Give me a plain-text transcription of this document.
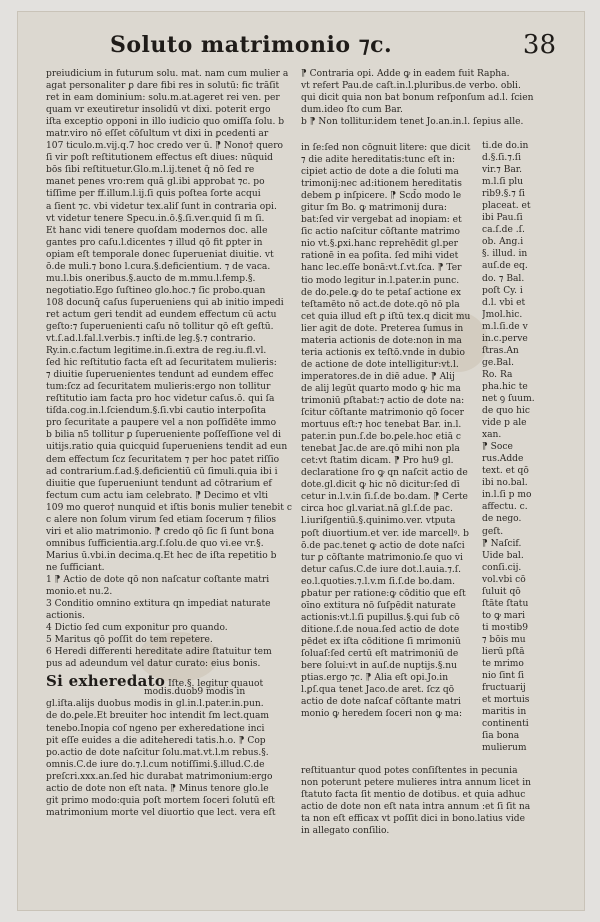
Soluto matrimonio ⁊c.	38

preiudicium in futurum solu. mat. nam cum mulier a

agat personaliter ꝑ dare fibi res in solutū: fic trāſit

ret in eam dominium: solu.m.at.ageret rei ven. per

quam vr exeutiretur insolidū vt dixi. poterit ergo

iſta exceptio opponi in illo iudicio quo omiſſa ſolu. b

matr.viro nō eſſet cōſultum vt dixi in ꝑcedenti ar

107 ticulo.m.vij.q.7 hoc credo ver ū. ⁋ Nono† quero

ſi vir poſt reſtitutionem effectus eſt diues: nūquid

bōs ſibi reſtituetur.Glo.m.l.ij.tenet q̄ nō ſed re

manet penes vro:rem quā gl.ibi approbat ⁊c. po

tiſſime per ff.illum.l.ij.ſi quis poſtea ſorte acqui

a ſient ⁊c. vbi videtur tex.aliſ ſunt in contraria opi.

vt videtur tenere Specu.in.ō.§.ſi.ver.quid ſi m ſi.

Et hanc vidi tenere quoſdam modernos doc. alle

gantes pro caſu.l.dicentes ⁊ illud qō fit ꝑpter in

opiam eſt temporale donec ſuperueniat diuitie. vt

ō.de muli.⁊ bono l.cura.§.deficientium. ⁊ de vaca.

mu.l.bis oneribus.§.aucto de m.mmu.l.femp.§.

negotiatio.Ego ſuſtineo glo.hoc.⁊ ſic probo.quan

108 docunq̄ caſus ſuperueniens qui ab initio impedi

ret actum geri tendit ad eundem effectum cū actu

geſto:⁊ ſuperuenienti caſu nō tollitur qō eſt geſtū.

vt.ſ.ad.l.fal.l.verbis.⁊ inſti.de leg.§.⁊ contrario.

Ry.in.c.factum legitime.in.ſi.extra de reg.iu.fl.vl.

ſed hic reſtitutio facta eſt ad ſecuritatem mulieris:

⁊ diuitie ſuperuenientes tendunt ad eundem effec

tum:ſcz ad ſecuritatem mulieris:ergo non tollitur

reſtitutio iam facta pro hoc videtur caſus.ō. qui ſa

tiſda.cog.in.l.ſciendum.§.ſi.vbi cautio interpoſita

pro ſecuritate a paupere vel a non poſſidēte immo

b bilia n5 tollitur ꝑ ſuperueniente poſſeſſione vel di

uitijs.ratio quia quicquid ſuperueniens tendit ad eun

dem effectum ſcz ſecuritatem ⁊ per hoc patet riſſio

ad contrarium.f.ad.§.deficientiū cū ſimuli.quia ibi i

diuitie que ſuperueniunt tendunt ad cōtrarium ef

fectum cum actu iam celebrato. ⁋ Decimo et vlti

109 mo quero† nunquid et iſtis bonis mulier tenebit c

c alere non ſolum virum ſed etiam ſocerum ⁊ filios

viri et alio matrimonio. ⁋ credo qō ſic ſi ſunt bona

omnibus ſufficientia.arg.ſ.ſolu.de quo vi.ee vr.§.

Marius ū.vbi.in decima.q.Et hec de iſta repetitio b

ne ſufficiant.

1 ⁋ Actio de dote qō non naſcatur coſtante matri

monio.et nu.2.

3 Conditio omnino extitura qn impediat naturate

actionis.

4 Dictio ſed cum exponitur pro quando.

5 Maritus qō poſſit do tem repetere.

6 Heredi differenti hereditate adire ſtatuitur tem

pus ad adeundum vel datur curato: eius bonis.

Si exheredato Iſte.§. legitur quauot

modis.duob9 modis in

gl.iſta.alijs duobus modis in gl.in.l.pater.in.pun.

de do.ꝑele.Et breuiter hoc intendit ſm lect.quam

tenebo.Inopia coſ ngeno per exheredatione inci

pit eſſe euides a die aditeheredi tatis.h.o. ⁋ Cop

po.actio de dote naſcitur ſolu.mat.vt.l.m rebus.§.

omnis.C.de iure do.⁊.l.cum notiſſimi.§.illud.C.de

preſcri.xxx.an.ſed hic durabat matrimonium:ergo

actio de dote non eſt nata. ⁋ Minus tenore glo.le

git primo modo:quia poſt mortem ſoceri ſolutū eſt

matrimonium morte vel diuortio que lect. vera eſt

⁋ Contraria opi. Adde ꝙ in eadem fuit Rapha.

vt refert Pau.de caſt.in.l.pluribus.de verbo. obli.

qui dicit quia non bat bonum reſponſum ad.l. ſcien

dum.ideo ſto cum Bar.

b ⁋ Non tollitur.idem tenet Jo.an.in.l. ſepius alle.

in ſe:ſed non cōgnuit litere: que dicit

⁊ die adite hereditatis:tunc eſt in:

cipiet actio de dote a die ſoluti ma

trimonij:nec ad:itionem hereditatis

debem ꝑ inſpicere. ⁋ Scd̄o modo le

gitur ſm Bo. ꝙ matrimonij dura:

bat:ſed vir vergebat ad inopiam: et

ſic actio naſcitur cōſtante matrimo

nio vt.§.ꝑxi.hanc reprehēdit gl.per

rationē in ea poſita. ſed mihi videt

hanc lec.eſſe bonā:vt.ſ.vt.ſca. ⁋ Ter

tio modo legitur in.l.pater.in punc.

de do.ꝑele.ꝙ do te petaſ actione ex

teſtamēto nō act.de dote.qō nō pla

cet quia illud eſt ꝑ iſtū tex.q dicit mu

lier agit de dote. Preterea ſumus in

materia actionis de dote:non in ma

teria actionis ex teſtō.vnde in dubio

de actione de dote intelligitur:vt.l.

imperatores.de in diē adue. ⁋ Alij

de alij legūt quarto modo ꝙ hic ma

trimoniū ꝑſtabat:⁊ actio de dote na:

ſcitur cōſtante matrimonio qō ſocer

mortuus eſt:⁊ hoc tenebat Bar. in.l.

pater.in pun.ſ.de bo.ꝑele.hoc etiā c

tenebat Jac.de are.qō mihi non pla

cet:vt ſtatim dicam. ⁋ Pro hu9 gl.

declaratione ſro ꝙ qn naſcit actio de

dote.gl.dicit ꝙ hic nō dicitur:ſed dī

cetur in.l.v.in ſi.ſ.de bo.dam. ⁋ Certe

circa hoc gl.variat.nā gl.ſ.de pac.

l.iuriſgentiū.§.quinimo.ver. vtputa

poſt diuortium.et ver. ide marcellꝰ. b

ō.de pac.tenet ꝙ actio de dote naſci

tur ꝑ cōſtante matrimonio.ſe quo vi

detur caſus.C.de iure dot.l.auia.⁊.ſ.

eo.l.quoties.⁊.l.v.m ſi.ſ.de bo.dam.

ꝑbatur per ratione:ꝙ cōditio que eſt

oīno extitura nō ſuſpēdit naturate

actionis:vt.l.ſi pupillus.§.qui ſub cō

ditione.ſ.de noua.ſed actio de dote

pēdet ex iſta cōditione ſi mrimoniū

ſoluaſ:ſed certū eſt matrimoniū de

bere ſolui:vt in auſ.de nuptijs.§.nu

ptias.ergo ⁊c. ⁋ Alia eſt opi.Jo.in

l.ꝑſ.qua tenet Jaco.de aret. ſcz qō

actio de dote naſcaf cōſtante matri

monio ꝙ heredem ſoceri non ꝙ ma:

ti.de do.in

d.§.ſi.⁊.ſi

vir.⁊ Bar.

m.l.ſi plu

rib9.§.⁊ ſi

placeat. et

ibi Pau.ſi

ca.ſ.de .ſ.

ob. Ang.i

§. illud. in

auſ.de eq.

do. ⁊ Bal.

poſt Cy. i

d.l. vbi et

Jmol.hic.

m.l.ſi.de v

in.c.perve

ſtras.An

ge.Bal.

Ro. Ra

pha.hic te

net ꝯ ſuum.

de quo hic

vide p ale

xan.

⁋ Soce

rus.Adde

text. et qō

ibi no.bal.

in.l.ſi p mo

affectu. c.

de nego.

geſt.

⁋ Naſcif.

Uide bal.

conſi.cij.

vol.vbi cō

ſuluit qō

ſtāte ſtatu

to ꝙ mari

ti moꝛtib9

⁊ bōis mu

lierū pſtā

te mrimo

nio ſint ſi

fructuarij

et mortuis

maritis in

continenti

ſia bona

mulierum

reſtituantur quod potes conſiſtentes in pecunia

non poterunt petere mulieres intra annum licet in

ſtatuto facta ſit mentio de dotibus. et quia adhuc

actio de dote non eſt nata intra annum :et ſi ſit na

ta non eſt efficax vt poſſit dici in bono.latius vide

in allegato conſilio.
